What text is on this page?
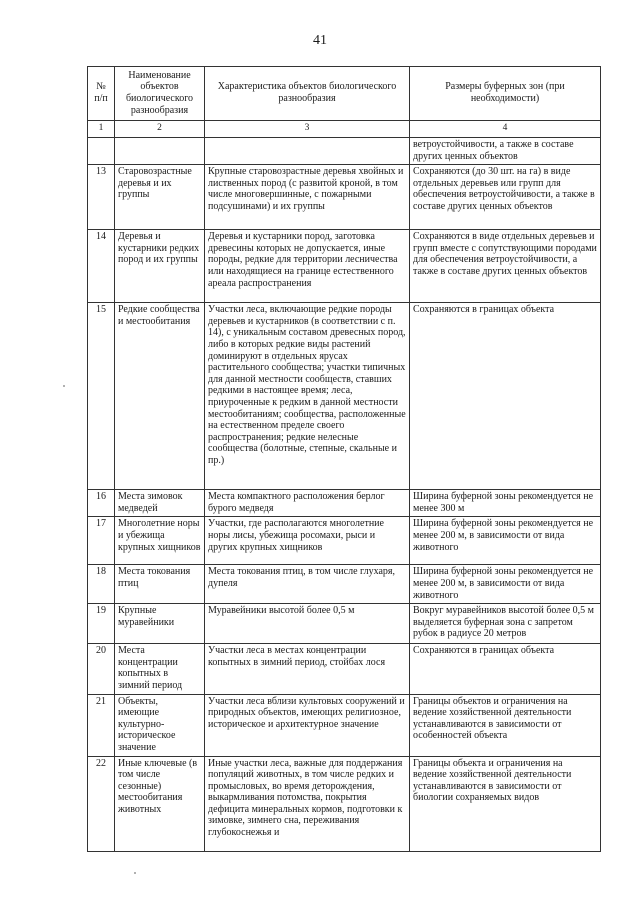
41
№ п/п	Наименование объектов биологического разнообразия	Характеристика объектов биологического разнообразия	Размеры буферных зон (при необходимости)
1	2	3	4
			ветроустойчивости, а также в составе других ценных объектов
13	Старовозрастные деревья и их группы	Крупные старовозрастные деревья хвойных и лиственных пород (с развитой кроной, в том числе многовершинные, с пожарными подсушинами) и их группы	Сохраняются (до 30 шт. на га) в виде отдельных деревьев или групп для обеспечения ветроустойчивости, а также в составе других ценных объектов
14	Деревья и кустарники редких пород и их группы	Деревья и кустарники пород, заготовка древесины которых не допускается, иные породы, редкие для территории лесничества или находящиеся на границе естественного ареала распространения	Сохраняются в виде отдельных деревьев и групп вместе с сопутствующими породами для обеспечения ветроустойчивости, а также в составе других ценных объектов
15	Редкие сообщества и местообитания	Участки леса, включающие редкие породы деревьев и кустарников (в соответствии с п. 14), с уникальным составом древесных пород, либо в которых редкие виды растений доминируют в отдельных ярусах растительного сообщества; участки типичных для данной местности сообществ, ставших редкими в настоящее время; леса, приуроченные к редким в данной местности местообитаниям; сообщества, расположенные на естественном пределе своего распространения; редкие нелесные сообщества (болотные, степные, скальные и пр.)	Сохраняются в границах объекта
16	Места зимовок медведей	Места компактного расположения берлог бурого медведя	Ширина буферной зоны рекомендуется не менее 300 м
17	Многолетние норы и убежища крупных хищников	Участки, где располагаются многолетние норы лисы, убежища росомахи, рыси и других крупных хищников	Ширина буферной зоны рекомендуется не менее 200 м, в зависимости от вида животного
18	Места токования птиц	Места токования птиц, в том числе глухаря, дупеля	Ширина буферной зоны рекомендуется не менее 200 м, в зависимости от вида животного
19	Крупные муравейники	Муравейники высотой более 0,5 м	Вокруг муравейников высотой более 0,5 м выделяется буферная зона с запретом рубок в радиусе 20 метров
20	Места концентрации копытных в зимний период	Участки леса в местах концентрации копытных в зимний период, стойбах лося	Сохраняются в границах объекта
21	Объекты, имеющие культурно-историческое значение	Участки леса вблизи культовых сооружений и природных объектов, имеющих религиозное, историческое и архитектурное значение	Границы объектов и ограничения на ведение хозяйственной деятельности устанавливаются в зависимости от особенностей объекта
22	Иные ключевые (в том числе сезонные) местообитания животных	Иные участки леса, важные для поддержания популяций животных, в том числе редких и промысловых, во время деторождения, выкармливания потомства, покрытия дефицита минеральных кормов, подготовки к зимовке, зимнего сна, переживания глубокоснежья и	Границы объекта и ограничения на ведение хозяйственной деятельности устанавливаются в зависимости от биологии сохраняемых видов
